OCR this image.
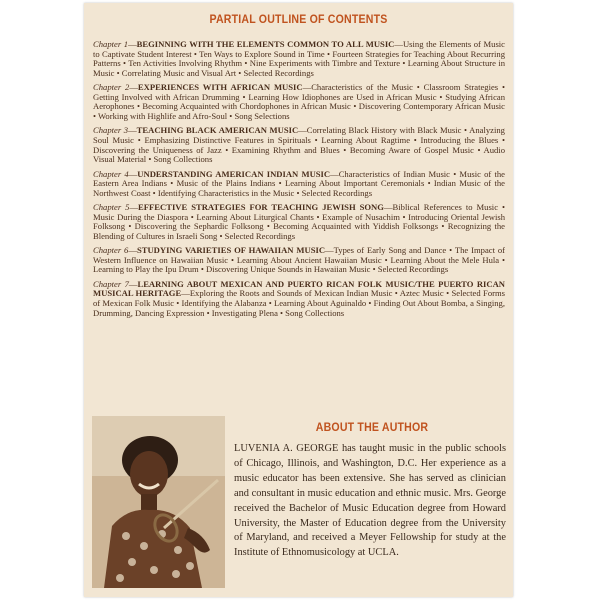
PARTIAL OUTLINE OF CONTENTS
Chapter 1—BEGINNING WITH THE ELEMENTS COMMON TO ALL MUSIC—Using the Elements of Music to Captivate Student Interest • Ten Ways to Explore Sound in Time • Fourteen Strategies for Teaching About Recurring Patterns • Ten Activities Involving Rhythm • Nine Experiments with Timbre and Texture • Learning About Structure in Music • Correlating Music and Visual Art • Selected Recordings
Chapter 2—EXPERIENCES WITH AFRICAN MUSIC—Characteristics of the Music • Classroom Strategies • Getting Involved with African Drumming • Learning How Idiophones are Used in African Music • Studying African Aerophones • Becoming Acquainted with Chordophones in African Music • Discovering Contemporary African Music • Working with Highlife and Afro-Soul • Song Selections
Chapter 3—TEACHING BLACK AMERICAN MUSIC—Correlating Black History with Black Music • Analyzing Soul Music • Emphasizing Distinctive Features in Spirituals • Learning About Ragtime • Introducing the Blues • Discovering the Uniqueness of Jazz • Examining Rhythm and Blues • Becoming Aware of Gospel Music • Audio Visual Material • Song Collections
Chapter 4—UNDERSTANDING AMERICAN INDIAN MUSIC—Characteristics of Indian Music • Music of the Eastern Area Indians • Music of the Plains Indians • Learning About Important Ceremonials • Indian Music of the Northwest Coast • Identifying Characteristics in the Music • Selected Recordings
Chapter 5—EFFECTIVE STRATEGIES FOR TEACHING JEWISH SONG—Biblical References to Music • Music During the Diaspora • Learning About Liturgical Chants • Example of Nusachim • Introducing Oriental Jewish Folksong • Discovering the Sephardic Folksong • Becoming Acquainted with Yiddish Folksongs • Recognizing the Blending of Cultures in Israeli Song • Selected Recordings
Chapter 6—STUDYING VARIETIES OF HAWAIIAN MUSIC—Types of Early Song and Dance • The Impact of Western Influence on Hawaiian Music • Learning About Ancient Hawaiian Music • Learning About the Mele Hula • Learning to Play the Ipu Drum • Discovering Unique Sounds in Hawaiian Music • Selected Recordings
Chapter 7—LEARNING ABOUT MEXICAN AND PUERTO RICAN FOLK MUSIC/THE PUERTO RICAN MUSICAL HERITAGE—Exploring the Roots and Sounds of Mexican Indian Music • Aztec Music • Selected Forms of Mexican Folk Music • Identifying the Alabanza • Learning About Aguinaldo • Finding Out About Bomba, a Singing, Drumming, Dancing Expression • Investigating Plena • Song Collections
ABOUT THE AUTHOR
LUVENIA A. GEORGE has taught music in the public schools of Chicago, Illinois, and Washington, D.C. Her experience as a music educator has been extensive. She has served as clinician and consultant in music education and ethnic music. Mrs. George received the Bachelor of Music Education degree from Howard University, the Master of Education degree from the University of Maryland, and received a Meyer Fellowship for study at the Institute of Ethnomusicology at UCLA.
